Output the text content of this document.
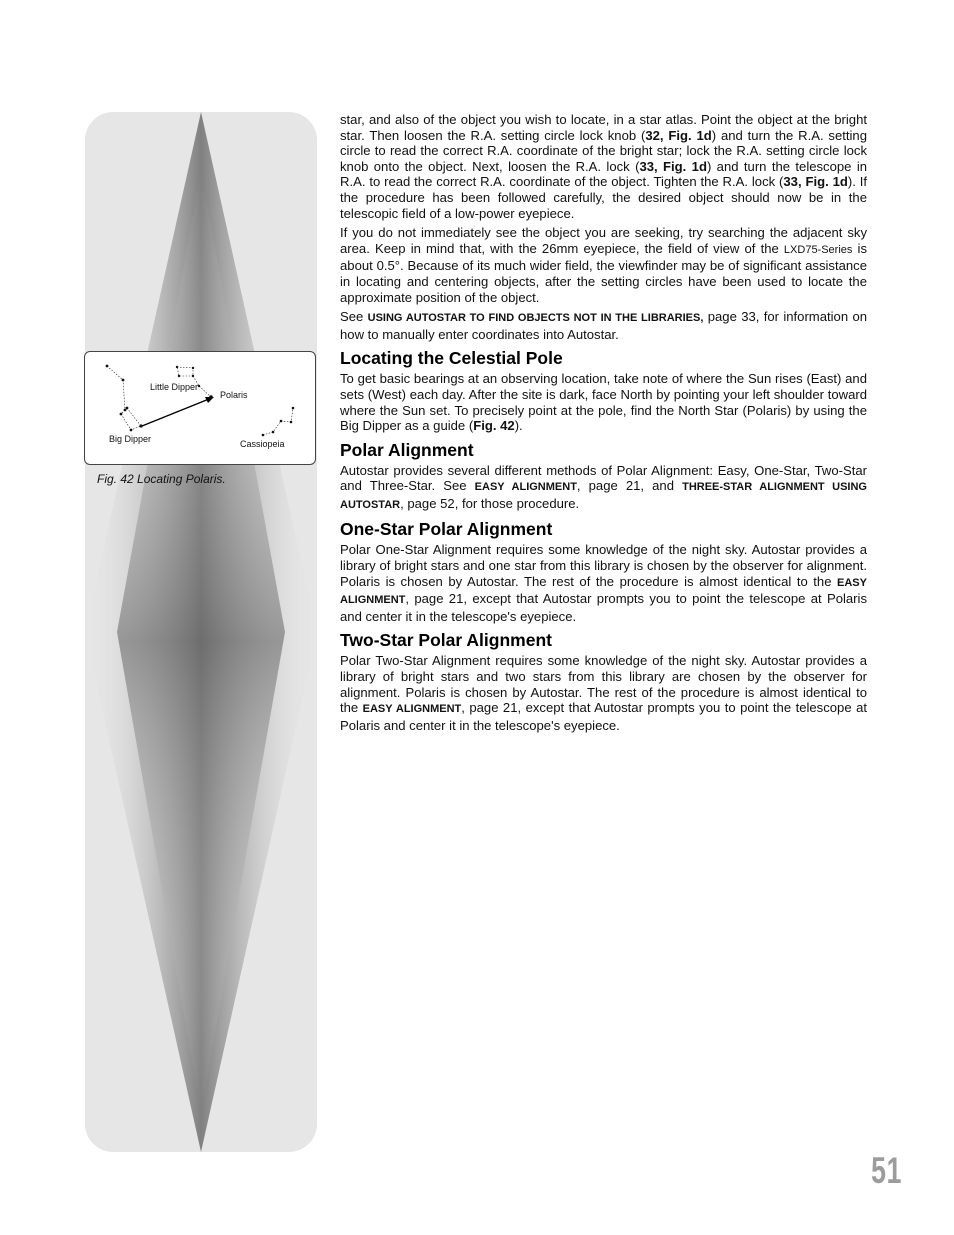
Little Dipper
Polaris
Big Dipper	Cassiopeia
Fig. 42 Locating Polaris.

star, and also of the object you wish to locate, in a star atlas. Point the object at the bright star. Then loosen the R.A. setting circle lock knob (32, Fig. 1d) and turn the R.A. setting circle to read the correct R.A. coordinate of the bright star; lock the R.A. setting circle lock knob onto the object. Next, loosen the R.A. lock (33, Fig. 1d) and turn the telescope in R.A. to read the correct R.A. coordinate of the object. Tighten the R.A. lock (33, Fig. 1d). If the procedure has been followed carefully, the desired object should now be in the telescopic field of a low-power eyepiece.

If you do not immediately see the object you are seeking, try searching the adjacent sky area. Keep in mind that, with the 26mm eyepiece, the field of view of the LXD75-Series is about 0.5°. Because of its much wider field, the viewfinder may be of significant assistance in locating and centering objects, after the setting circles have been used to locate the approximate position of the object.

See USING AUTOSTAR TO FIND OBJECTS NOT IN THE LIBRARIES, page 33, for information on how to manually enter coordinates into Autostar.

Locating the Celestial Pole

To get basic bearings at an observing location, take note of where the Sun rises (East) and sets (West) each day. After the site is dark, face North by pointing your left shoulder toward where the Sun set. To precisely point at the pole, find the North Star (Polaris) by using the Big Dipper as a guide (Fig. 42).

Polar Alignment

Autostar provides several different methods of Polar Alignment: Easy, One-Star, Two-Star and Three-Star. See EASY ALIGNMENT, page 21, and THREE-STAR ALIGNMENT USING AUTOSTAR, page 52, for those procedure.

One-Star Polar Alignment

Polar One-Star Alignment requires some knowledge of the night sky. Autostar provides a library of bright stars and one star from this library is chosen by the observer for alignment. Polaris is chosen by Autostar. The rest of the procedure is almost identical to the EASY ALIGNMENT, page 21, except that Autostar prompts you to point the telescope at Polaris and center it in the telescope's eyepiece.

Two-Star Polar Alignment

Polar Two-Star Alignment requires some knowledge of the night sky. Autostar provides a library of bright stars and two stars from this library are chosen by the observer for alignment. Polaris is chosen by Autostar. The rest of the procedure is almost identical to the EASY ALIGNMENT, page 21, except that Autostar prompts you to point the telescope at Polaris and center it in the telescope's eyepiece.

51
